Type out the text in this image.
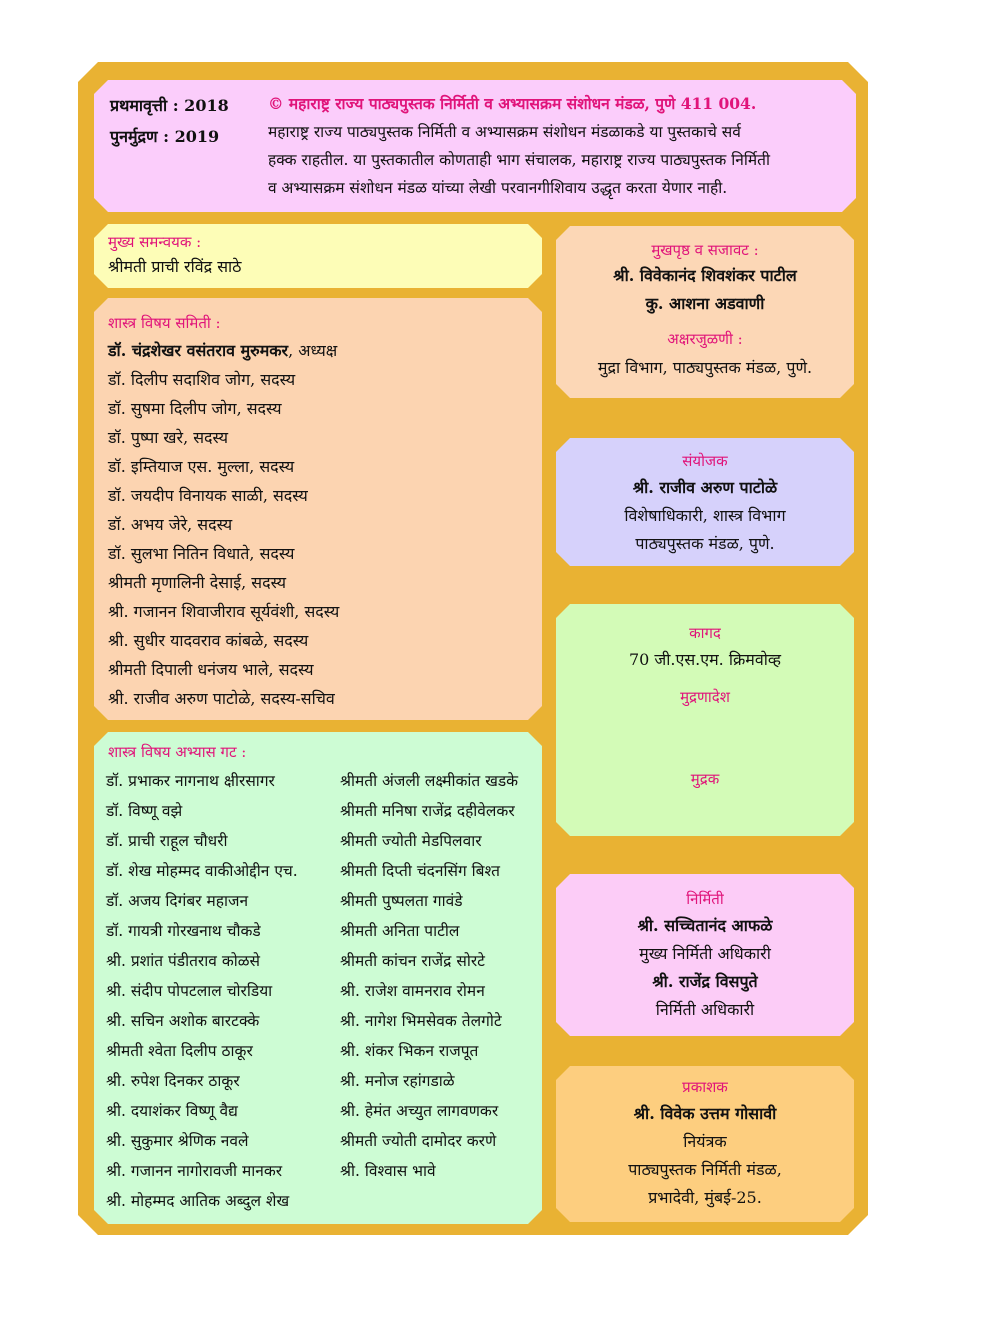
प्रथमावृत्ती : 2018
पुनर्मुद्रण : 2019
© महाराष्ट्र राज्य पाठ्यपुस्तक निर्मिती व अभ्यासक्रम संशोधन मंडळ, पुणे 411 004.
महाराष्ट्र राज्य पाठ्यपुस्तक निर्मिती व अभ्यासक्रम संशोधन मंडळाकडे या पुस्तकाचे सर्व
हक्क राहतील. या पुस्तकातील कोणताही भाग संचालक, महाराष्ट्र राज्य पाठ्यपुस्तक निर्मिती
व अभ्यासक्रम संशोधन मंडळ यांच्या लेखी परवानगीशिवाय उद्धृत करता येणार नाही.
मुख्य समन्वयक :
श्रीमती प्राची रविंद्र साठे
शास्त्र विषय समिती :
डॉ. चंद्रशेखर वसंतराव मुरुमकर, अध्यक्ष
डॉ. दिलीप सदाशिव जोग, सदस्य
डॉ. सुषमा दिलीप जोग, सदस्य
डॉ. पुष्पा खरे, सदस्य
डॉ. इम्तियाज एस. मुल्ला, सदस्य
डॉ. जयदीप विनायक साळी, सदस्य
डॉ. अभय जेरे, सदस्य
डॉ. सुलभा नितिन विधाते, सदस्य
श्रीमती मृणालिनी देसाई, सदस्य
श्री. गजानन शिवाजीराव सूर्यवंशी, सदस्य
श्री. सुधीर यादवराव कांबळे, सदस्य
श्रीमती दिपाली धनंजय भाले, सदस्य
श्री. राजीव अरुण पाटोळे, सदस्य-सचिव
शास्त्र विषय अभ्यास गट :
डॉ. प्रभाकर नागनाथ क्षीरसागर
डॉ. विष्णू वझे
डॉ. प्राची राहूल चौधरी
डॉ. शेख मोहम्मद वाकीओद्दीन एच.
डॉ. अजय दिगंबर महाजन
डॉ. गायत्री गोरखनाथ चौकडे
श्री. प्रशांत पंडीतराव कोळसे
श्री. संदीप पोपटलाल चोरडिया
श्री. सचिन अशोक बारटक्के
श्रीमती श्वेता दिलीप ठाकूर
श्री. रुपेश दिनकर ठाकूर
श्री. दयाशंकर विष्णू वैद्य
श्री. सुकुमार श्रेणिक नवले
श्री. गजानन नागोरावजी मानकर
श्री. मोहम्मद आतिक अब्दुल शेख
श्रीमती अंजली लक्ष्मीकांत खडके
श्रीमती मनिषा राजेंद्र दहीवेलकर
श्रीमती ज्योती मेडपिलवार
श्रीमती दिप्ती चंदनसिंग बिश्त
श्रीमती पुष्पलता गावंडे
श्रीमती अनिता पाटील
श्रीमती कांचन राजेंद्र सोरटे
श्री. राजेश वामनराव रोमन
श्री. नागेश भिमसेवक तेलगोटे
श्री. शंकर भिकन राजपूत
श्री. मनोज रहांगडाळे
श्री. हेमंत अच्युत लागवणकर
श्रीमती ज्योती दामोदर करणे
श्री. विश्वास भावे
मुखपृष्ठ व सजावट :
श्री. विवेकानंद शिवशंकर पाटील
कु. आशना अडवाणी
अक्षरजुळणी :
मुद्रा विभाग, पाठ्यपुस्तक मंडळ, पुणे.
संयोजक
श्री. राजीव अरुण पाटोळे
विशेषाधिकारी, शास्त्र विभाग
पाठ्यपुस्तक मंडळ, पुणे.
कागद
70 जी.एस.एम. क्रिमवोव्ह
मुद्रणादेश
मुद्रक
निर्मिती
श्री. सच्चितानंद आफळे
मुख्य निर्मिती अधिकारी
श्री. राजेंद्र विसपुते
निर्मिती अधिकारी
प्रकाशक
श्री. विवेक उत्तम गोसावी
नियंत्रक
पाठ्यपुस्तक निर्मिती मंडळ,
प्रभादेवी, मुंबई-25.
